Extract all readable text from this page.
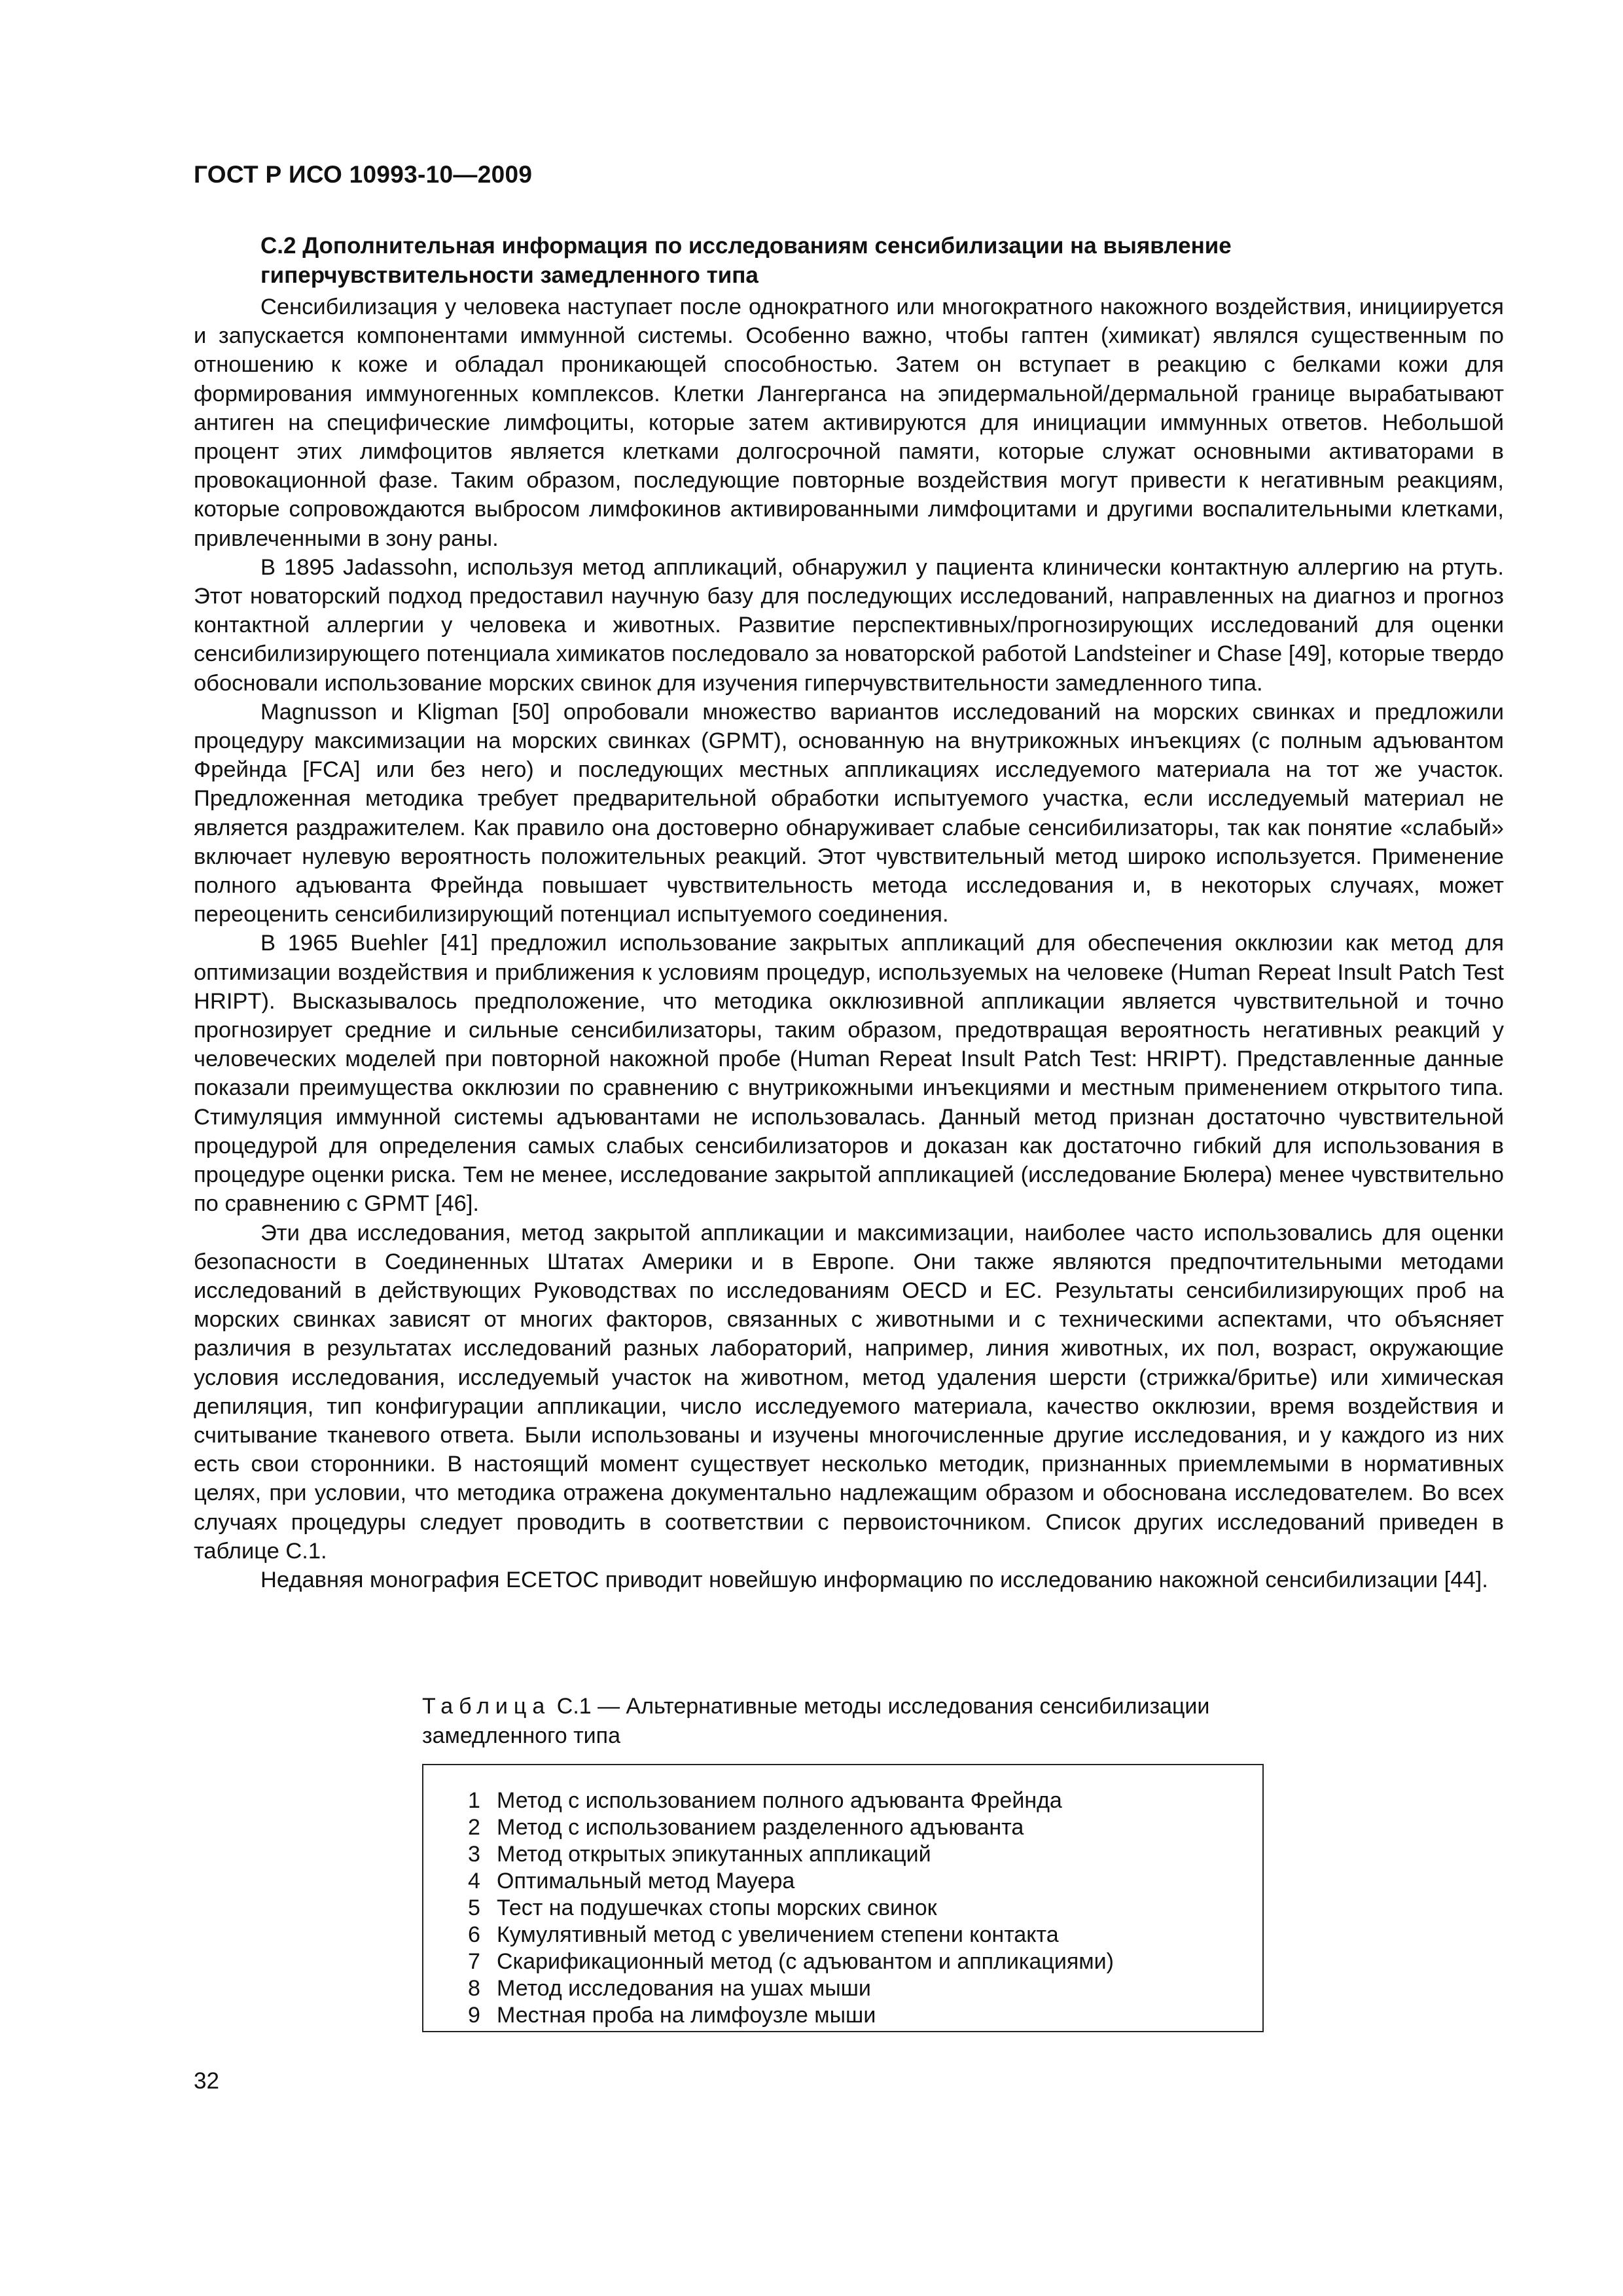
ГОСТ Р ИСО 10993-10—2009
С.2 Дополнительная информация по исследованиям сенсибилизации на выявление гиперчувствительности замедленного типа

Сенсибилизация у человека наступает после однократного или многократного накожного воздействия, инициируется и запускается компонентами иммунной системы. Особенно важно, чтобы гаптен (химикат) являлся существенным по отношению к коже и обладал проникающей способностью. Затем он вступает в реакцию с белками кожи для формирования иммуногенных комплексов. Клетки Лангерганса на эпидермальной/дермальной границе вырабатывают антиген на специфические лимфоциты, которые затем активируются для инициации иммунных ответов. Небольшой процент этих лимфоцитов является клетками долгосрочной памяти, которые служат основными активаторами в провокационной фазе. Таким образом, последующие повторные воздействия могут привести к негативным реакциям, которые сопровождаются выбросом лимфокинов активированными лимфоцитами и другими воспалительными клетками, привлеченными в зону раны.

В 1895 Jadassohn, используя метод аппликаций, обнаружил у пациента клинически контактную аллергию на ртуть. Этот новаторский подход предоставил научную базу для последующих исследований, направленных на диагноз и прогноз контактной аллергии у человека и животных. Развитие перспективных/прогнозирующих исследований для оценки сенсибилизирующего потенциала химикатов последовало за новаторской работой Landsteiner и Chase [49], которые твердо обосновали использование морских свинок для изучения гиперчувствительности замедленного типа.

Magnusson и Kligman [50] опробовали множество вариантов исследований на морских свинках и предложили процедуру максимизации на морских свинках (GPMT), основанную на внутрикожных инъекциях (с полным адъювантом Фрейнда [FCA] или без него) и последующих местных аппликациях исследуемого материала на тот же участок. Предложенная методика требует предварительной обработки испытуемого участка, если исследуемый материал не является раздражителем. Как правило она достоверно обнаруживает слабые сенсибилизаторы, так как понятие «слабый» включает нулевую вероятность положительных реакций. Этот чувствительный метод широко используется. Применение полного адъюванта Фрейнда повышает чувствительность метода исследования и, в некоторых случаях, может переоценить сенсибилизирующий потенциал испытуемого соединения.

В 1965 Buehler [41] предложил использование закрытых аппликаций для обеспечения окклюзии как метод для оптимизации воздействия и приближения к условиям процедур, используемых на человеке (Human Repeat Insult Patch Test HRIPT). Высказывалось предположение, что методика окклюзивной аппликации является чувствительной и точно прогнозирует средние и сильные сенсибилизаторы, таким образом, предотвращая вероятность негативных реакций у человеческих моделей при повторной накожной пробе (Human Repeat Insult Patch Test: HRIPT). Представленные данные показали преимущества окклюзии по сравнению с внутрикожными инъекциями и местным применением открытого типа. Стимуляция иммунной системы адъювантами не использовалась. Данный метод признан достаточно чувствительной процедурой для определения самых слабых сенсибилизаторов и доказан как достаточно гибкий для использования в процедуре оценки риска. Тем не менее, исследование закрытой аппликацией (исследование Бюлера) менее чувствительно по сравнению с GPMT [46].

Эти два исследования, метод закрытой аппликации и максимизации, наиболее часто использовались для оценки безопасности в Соединенных Штатах Америки и в Европе. Они также являются предпочтительными методами исследований в действующих Руководствах по исследованиям OECD и ЕС. Результаты сенсибилизирующих проб на морских свинках зависят от многих факторов, связанных с животными и с техническими аспектами, что объясняет различия в результатах исследований разных лабораторий, например, линия животных, их пол, возраст, окружающие условия исследования, исследуемый участок на животном, метод удаления шерсти (стрижка/бритье) или химическая депиляция, тип конфигурации аппликации, число исследуемого материала, качество окклюзии, время воздействия и считывание тканевого ответа. Были использованы и изучены многочисленные другие исследования, и у каждого из них есть свои сторонники. В настоящий момент существует несколько методик, признанных приемлемыми в нормативных целях, при условии, что методика отражена документально надлежащим образом и обоснована исследователем. Во всех случаях процедуры следует проводить в соответствии с первоисточником. Список других исследований приведен в таблице С.1.

Недавняя монография ЕСЕТОС приводит новейшую информацию по исследованию накожной сенсибилизации [44].

Таблица С.1 — Альтернативные методы исследования сенсибилизации замедленного типа
1 Метод с использованием полного адъюванта Фрейнда
2 Метод с использованием разделенного адъюванта
3 Метод открытых эпикутанных аппликаций
4 Оптимальный метод Мауера
5 Тест на подушечках стопы морских свинок
6 Кумулятивный метод с увеличением степени контакта
7 Скарификационный метод (с адъювантом и аппликациями)
8 Метод исследования на ушах мыши
9 Местная проба на лимфоузле мыши
32
